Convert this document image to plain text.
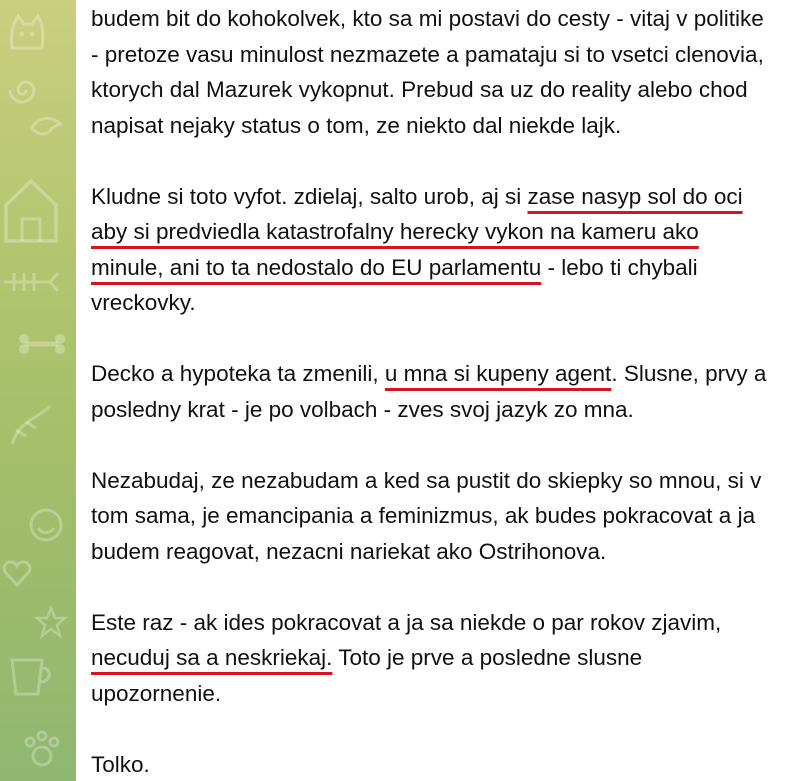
budem bit do kohokolvek, kto sa mi postavi do cesty - vitaj v politike
- pretoze vasu minulost nezmazete a pamataju si to vsetci clenovia,
ktorych dal Mazurek vykopnut. Prebud sa uz do reality alebo chod
napisat nejaky status o tom, ze niekto dal niekde lajk.
Kludne si toto vyfot. zdielaj, salto urob, aj si zase nasyp sol do oci
aby si predviedla katastrofalny herecky vykon na kameru ako
minule, ani to ta nedostalo do EU parlamentu - lebo ti chybali
vreckovky.
Decko a hypoteka ta zmenili, u mna si kupeny agent. Slusne, prvy a
posledny krat - je po volbach - zves svoj jazyk zo mna.
Nezabudaj, ze nezabudam a ked sa pustit do skiepky so mnou, si v
tom sama, je emancipania a feminizmus, ak budes pokracovat a ja
budem reagovat, nezacni nariekat ako Ostrihonova.
Este raz - ak ides pokracovat a ja sa niekde o par rokov zjavim,
necuduj sa a neskriekaj. Toto je prve a posledne slusne
upozornenie.
Tolko.
